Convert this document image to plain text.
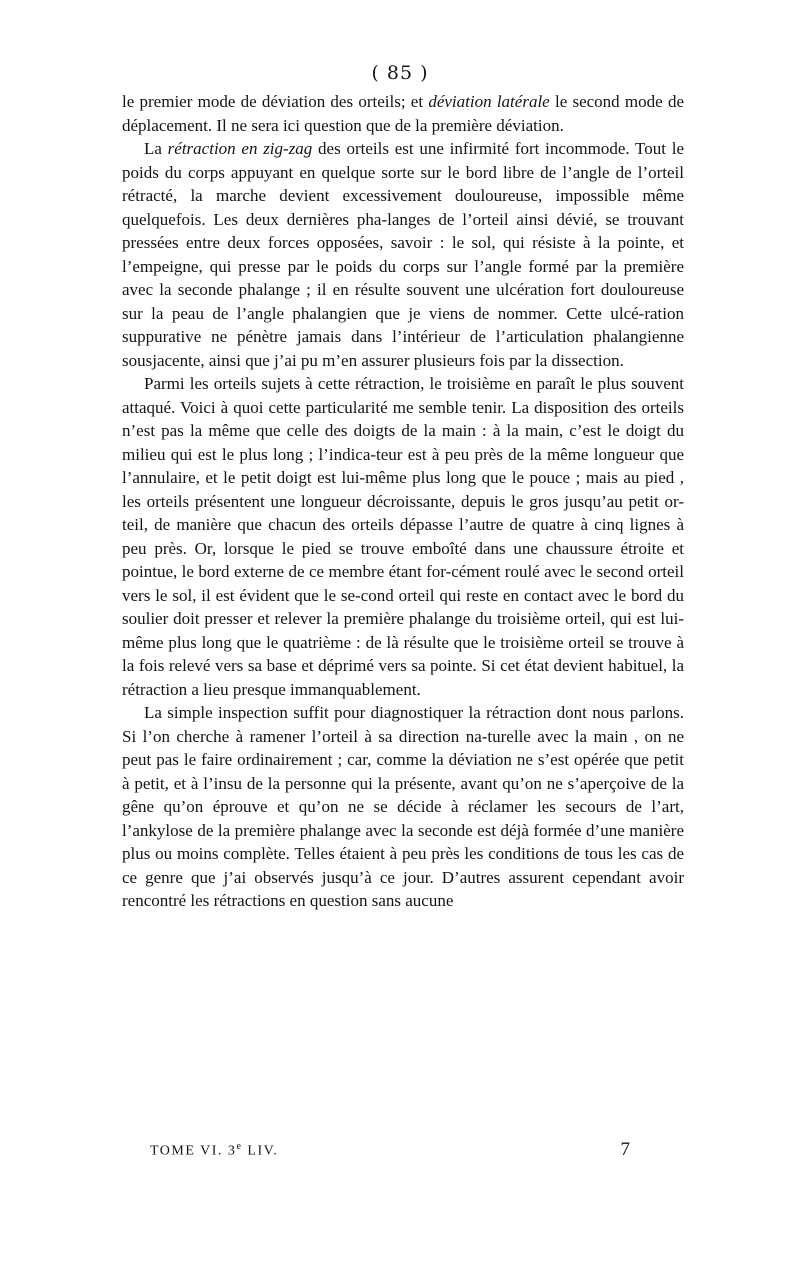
( 85 )

le premier mode de déviation des orteils; et déviation latérale le second mode de déplacement. Il ne sera ici question que de la première déviation.

La rétraction en zig-zag des orteils est une infirmité fort incommode. Tout le poids du corps appuyant en quelque sorte sur le bord libre de l’angle de l’orteil rétracté, la marche devient excessivement douloureuse, impossible même quelquefois. Les deux dernières pha-langes de l’orteil ainsi dévié, se trouvant pressées entre deux forces opposées, savoir : le sol, qui résiste à la pointe, et l’empeigne, qui presse par le poids du corps sur l’angle formé par la première avec la seconde phalange ; il en résulte souvent une ulcération fort douloureuse sur la peau de l’angle phalangien que je viens de nommer. Cette ulcé-ration suppurative ne pénètre jamais dans l’intérieur de l’articulation phalangienne sousjacente, ainsi que j’ai pu m’en assurer plusieurs fois par la dissection.

Parmi les orteils sujets à cette rétraction, le troisième en paraît le plus souvent attaqué. Voici à quoi cette particularité me semble tenir. La disposition des orteils n’est pas la même que celle des doigts de la main : à la main, c’est le doigt du milieu qui est le plus long ; l’indica-teur est à peu près de la même longueur que l’annulaire, et le petit doigt est lui-même plus long que le pouce ; mais au pied , les orteils présentent une longueur décroissante, depuis le gros jusqu’au petit or-teil, de manière que chacun des orteils dépasse l’autre de quatre à cinq lignes à peu près. Or, lorsque le pied se trouve emboîté dans une chaussure étroite et pointue, le bord externe de ce membre étant for-cément roulé avec le second orteil vers le sol, il est évident que le se-cond orteil qui reste en contact avec le bord du soulier doit presser et relever la première phalange du troisième orteil, qui est lui-même plus long que le quatrième : de là résulte que le troisième orteil se trouve à la fois relevé vers sa base et déprimé vers sa pointe. Si cet état devient habituel, la rétraction a lieu presque immanquablement.

La simple inspection suffit pour diagnostiquer la rétraction dont nous parlons. Si l’on cherche à ramener l’orteil à sa direction na-turelle avec la main , on ne peut pas le faire ordinairement ; car, comme la déviation ne s’est opérée que petit à petit, et à l’insu de la personne qui la présente, avant qu’on ne s’aperçoive de la gêne qu’on éprouve et qu’on ne se décide à réclamer les secours de l’art, l’ankylose de la première phalange avec la seconde est déjà formée d’une manière plus ou moins complète. Telles étaient à peu près les conditions de tous les cas de ce genre que j’ai observés jusqu’à ce jour. D’autres assurent cependant avoir rencontré les rétractions en question sans aucune

TOME VI. 3e LIV.	7
